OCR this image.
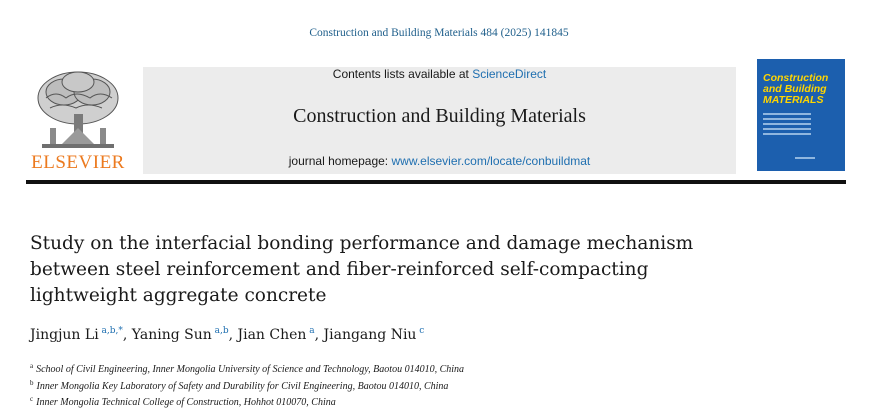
Construction and Building Materials 484 (2025) 141845
ELSEVIER
Contents lists available at ScienceDirect
Construction and Building Materials
journal homepage: www.elsevier.com/locate/conbuildmat
Construction
and Building
MATERIALS
Study on the interfacial bonding performance and damage mechanism
between steel reinforcement and fiber-reinforced self-compacting
lightweight aggregate concrete
Jingjun Li  $^{a,b,*}$, Yaning Sun  $^{a,b}$, Jian Chen  $^a$, Jiangang Niu  $^c$
$^a$ School of Civil Engineering, Inner Mongolia University of Science and Technology, Baotou 014010, China
$^b$ Inner Mongolia Key Laboratory of Safety and Durability for Civil Engineering, Baotou 014010, China
$^c$ Inner Mongolia Technical College of Construction, Hohhot 010070, China
